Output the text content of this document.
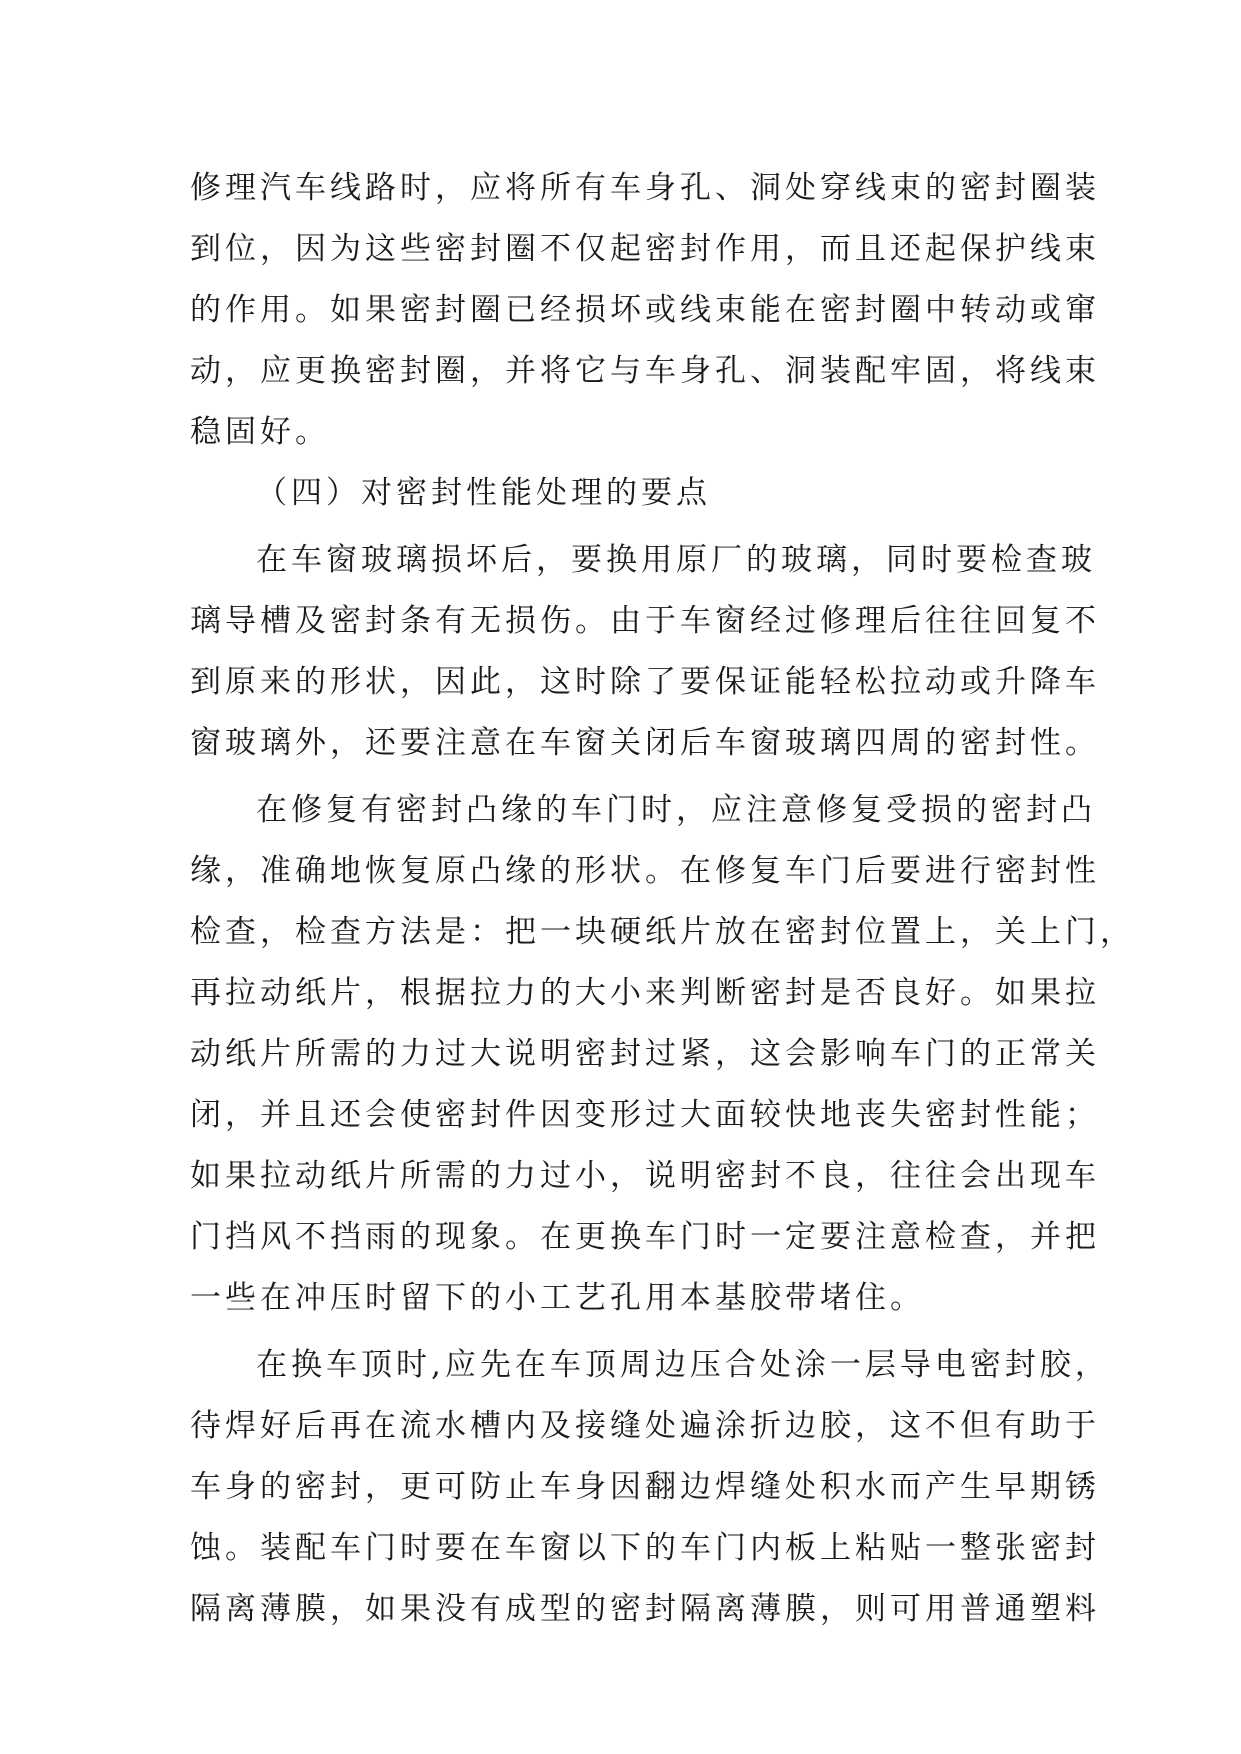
修理汽车线路时，应将所有车身孔、洞处穿线束的密封圈装
到位，因为这些密封圈不仅起密封作用，而且还起保护线束
的作用。如果密封圈已经损坏或线束能在密封圈中转动或窜
动，应更换密封圈，并将它与车身孔、洞装配牢固，将线束
稳固好。
（四）对密封性能处理的要点
在车窗玻璃损坏后，要换用原厂的玻璃，同时要检查玻
璃导槽及密封条有无损伤。由于车窗经过修理后往往回复不
到原来的形状，因此，这时除了要保证能轻松拉动或升降车
窗玻璃外，还要注意在车窗关闭后车窗玻璃四周的密封性。
在修复有密封凸缘的车门时，应注意修复受损的密封凸
缘，准确地恢复原凸缘的形状。在修复车门后要进行密封性
检查，检查方法是：把一块硬纸片放在密封位置上，关上门，
再拉动纸片，根据拉力的大小来判断密封是否良好。如果拉
动纸片所需的力过大说明密封过紧，这会影响车门的正常关
闭，并且还会使密封件因变形过大面较快地丧失密封性能；
如果拉动纸片所需的力过小，说明密封不良，往往会出现车
门挡风不挡雨的现象。在更换车门时一定要注意检查，并把
一些在冲压时留下的小工艺孔用本基胶带堵住。
在换车顶时,应先在车顶周边压合处涂一层导电密封胶，
待焊好后再在流水槽内及接缝处遍涂折边胶，这不但有助于
车身的密封，更可防止车身因翻边焊缝处积水而产生早期锈
蚀。装配车门时要在车窗以下的车门内板上粘贴一整张密封
隔离薄膜，如果没有成型的密封隔离薄膜，则可用普通塑料
